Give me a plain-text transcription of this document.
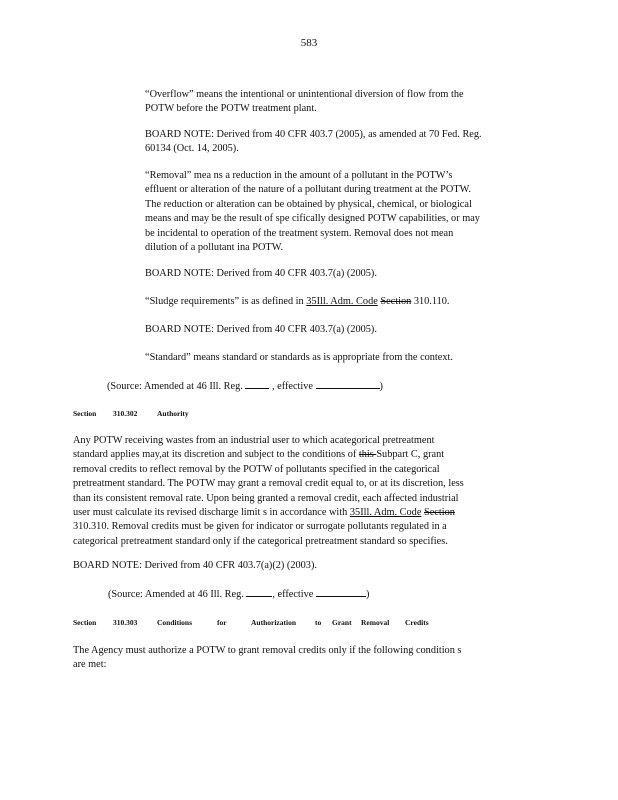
583
“Overflow” means the intentional or unintentional diversion of flow from the
POTW before the POTW treatment plant.
BOARD NOTE: Derived from 40 CFR 403.7 (2005), as amended at 70 Fed. Reg.
60134 (Oct. 14, 2005).
“Removal” mea ns a reduction in the amount of a pollutant in the POTW’s
effluent or alteration of the nature of a pollutant during treatment at the POTW.
The reduction or alteration can be obtained by physical, chemical, or biological
means and may be the result of spe cifically designed POTW capabilities, or may
be incidental to operation of the treatment system. Removal does not mean
dilution of a pollutant ina POTW.
BOARD NOTE: Derived from 40 CFR 403.7(a) (2005).
“Sludge requirements” is as defined in 35Ill. Adm. Code Section 310.110.
BOARD NOTE: Derived from 40 CFR 403.7(a) (2005).
“Standard” means standard or standards as is appropriate from the context.
(Source: Amended at 46 Ill. Reg.  , effective	)
Section 310.302	Authority
Any POTW receiving wastes from an industrial user to which acategorical pretreatment
standard applies may,at its discretion and subject to the conditions of this Subpart C, grant
removal credits to reflect removal by the POTW of pollutants specified in the categorical
pretreatment standard. The POTW may grant a removal credit equal to, or at its discretion, less
than its consistent removal rate. Upon being granted a removal credit, each affected industrial
user must calculate its revised discharge limit s in accordance with 35Ill. Adm. Code Section
310.310. Removal credits must be given for indicator or surrogate pollutants regulated in a
categorical pretreatment standard only if the categorical pretreatment standard so specifies.
BOARD NOTE: Derived from 40 CFR 403.7(a)(2) (2003).
(Source: Amended at 46 Ill. Reg.	, effective	)
Section 310.303	Conditions	for	Authorization	to Grant Removal Credits
The Agency must authorize a POTW to grant removal credits only if the following condition s
are met:
